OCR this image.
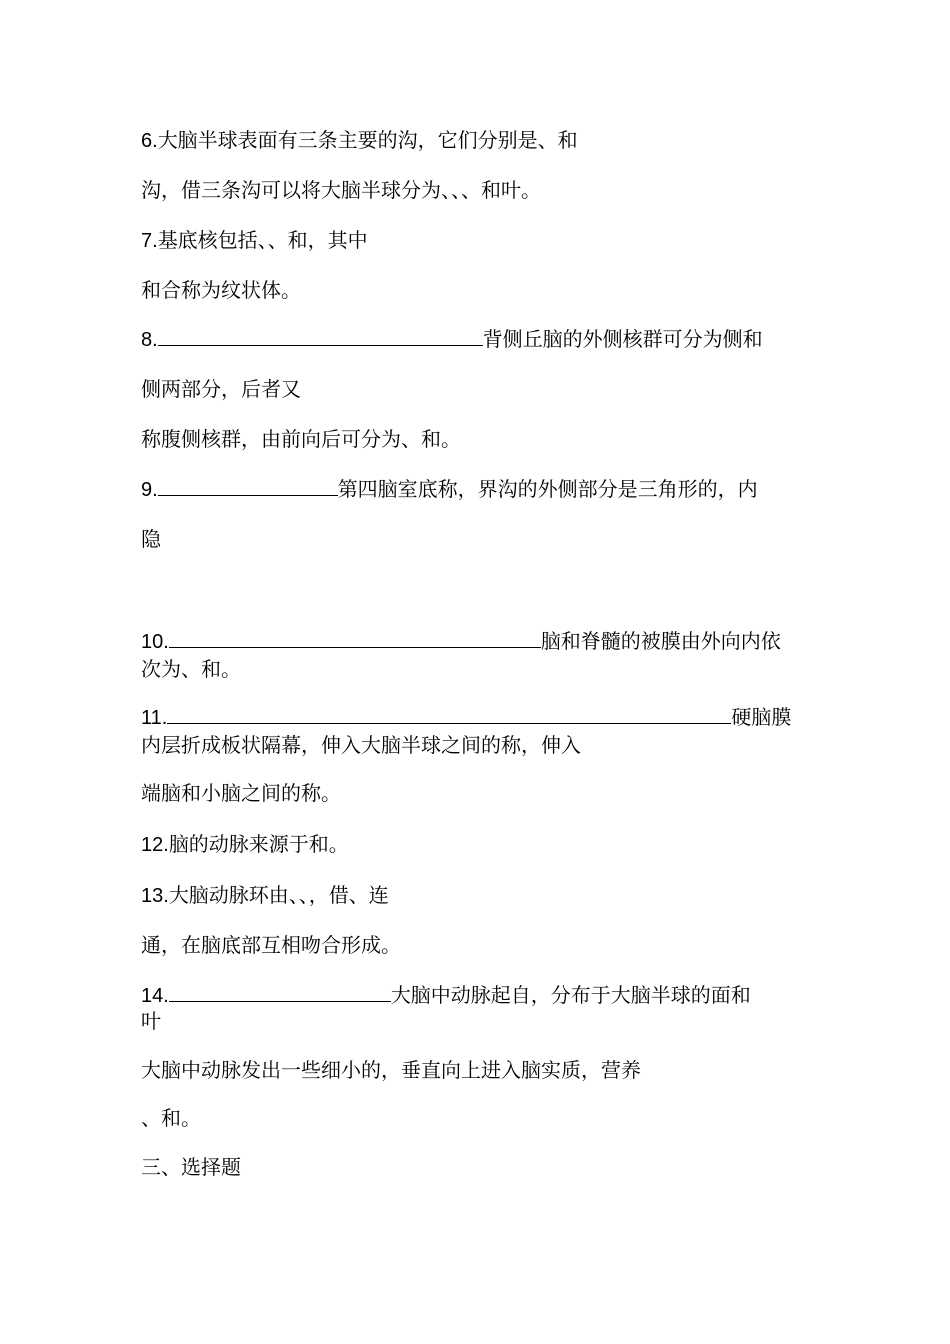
6.大脑半球表面有三条主要的沟，它们分别是、和
沟，借三条沟可以将大脑半球分为、、、和叶。
7.基底核包括、、和，其中
和合称为纹状体。
8.	背侧丘脑的外侧核群可分为侧和
侧两部分，后者又
称腹侧核群，由前向后可分为、和。
9.	第四脑室底称，界沟的外侧部分是三角形的，内
隐
10.	脑和脊髓的被膜由外向内依
次为、和。
11.	硬脑膜
内层折成板状隔幕，伸入大脑半球之间的称，伸入
端脑和小脑之间的称。
12.脑的动脉来源于和。
13.大脑动脉环由、、，借、连
通，在脑底部互相吻合形成。
14.	大脑中动脉起自，分布于大脑半球的面和
叶
大脑中动脉发出一些细小的，垂直向上进入脑实质，营养
、和。
三、选择题
